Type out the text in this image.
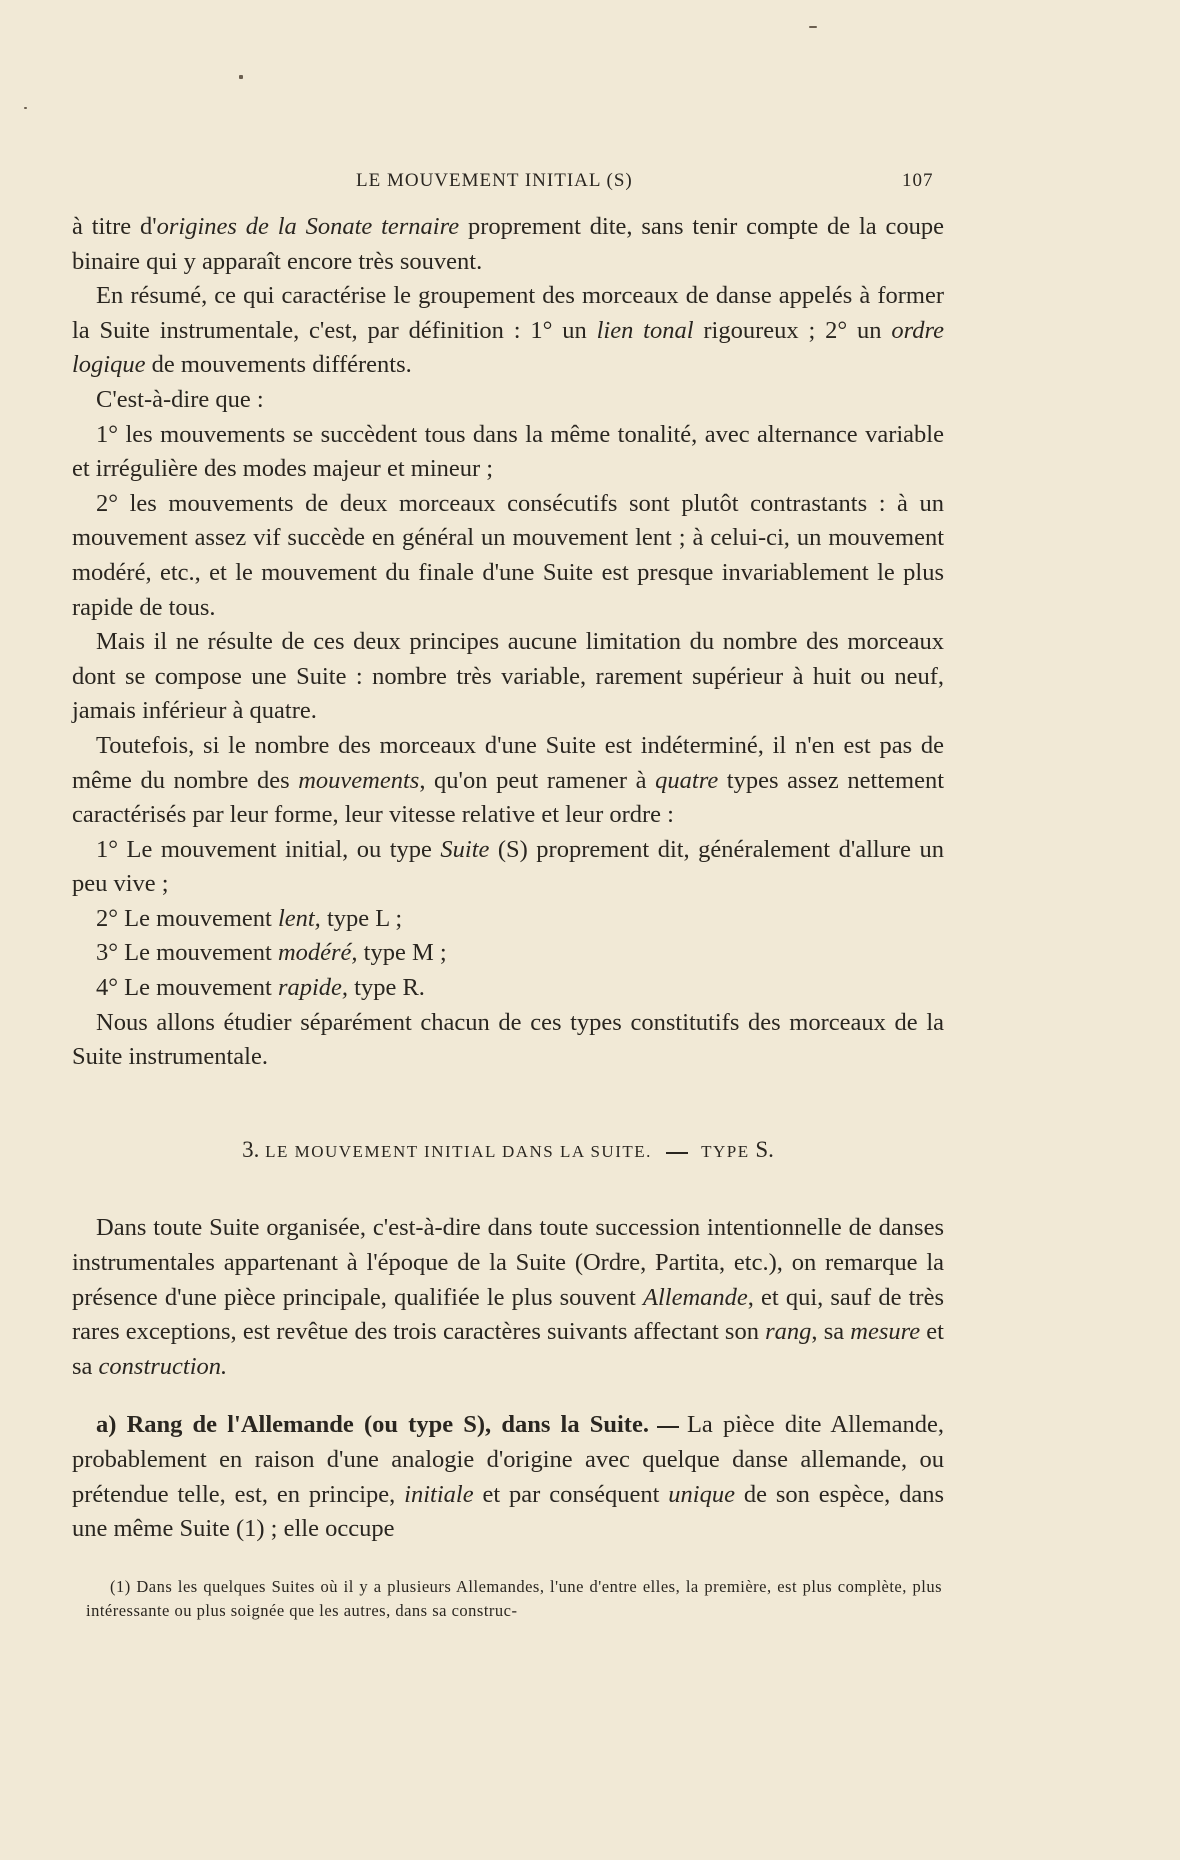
LE MOUVEMENT INITIAL (S)	107

à titre d'origines de la Sonate ternaire proprement dite, sans tenir compte de la coupe binaire qui y apparaît encore très souvent.

En résumé, ce qui caractérise le groupement des morceaux de danse appelés à former la Suite instrumentale, c'est, par définition : 1° un lien tonal rigoureux ; 2° un ordre logique de mouvements différents.

C'est-à-dire que :

1° les mouvements se succèdent tous dans la même tonalité, avec alternance variable et irrégulière des modes majeur et mineur ;

2° les mouvements de deux morceaux consécutifs sont plutôt contrastants : à un mouvement assez vif succède en général un mouvement lent ; à celui-ci, un mouvement modéré, etc., et le mouvement du finale d'une Suite est presque invariablement le plus rapide de tous.

Mais il ne résulte de ces deux principes aucune limitation du nombre des morceaux dont se compose une Suite : nombre très variable, rarement supérieur à huit ou neuf, jamais inférieur à quatre.

Toutefois, si le nombre des morceaux d'une Suite est indéterminé, il n'en est pas de même du nombre des mouvements, qu'on peut ramener à quatre types assez nettement caractérisés par leur forme, leur vitesse relative et leur ordre :

1° Le mouvement initial, ou type Suite (S) proprement dit, généralement d'allure un peu vive ;

2° Le mouvement lent, type L ;

3° Le mouvement modéré, type M ;

4° Le mouvement rapide, type R.

Nous allons étudier séparément chacun de ces types constitutifs des morceaux de la Suite instrumentale.

3. LE MOUVEMENT INITIAL DANS LA SUITE.	TYPE S.

Dans toute Suite organisée, c'est-à-dire dans toute succession intentionnelle de danses instrumentales appartenant à l'époque de la Suite (Ordre, Partita, etc.), on remarque la présence d'une pièce principale, qualifiée le plus souvent Allemande, et qui, sauf de très rares exceptions, est revêtue des trois caractères suivants affectant son rang, sa mesure et sa construction.

a) Rang de l'Allemande (ou type S), dans la Suite. La pièce dite Allemande, probablement en raison d'une analogie d'origine avec quelque danse allemande, ou prétendue telle, est, en principe, initiale et par conséquent unique de son espèce, dans une même Suite (1) ; elle occupe

(1) Dans les quelques Suites où il y a plusieurs Allemandes, l'une d'entre elles, la première, est plus complète, plus intéressante ou plus soignée que les autres, dans sa construc-
